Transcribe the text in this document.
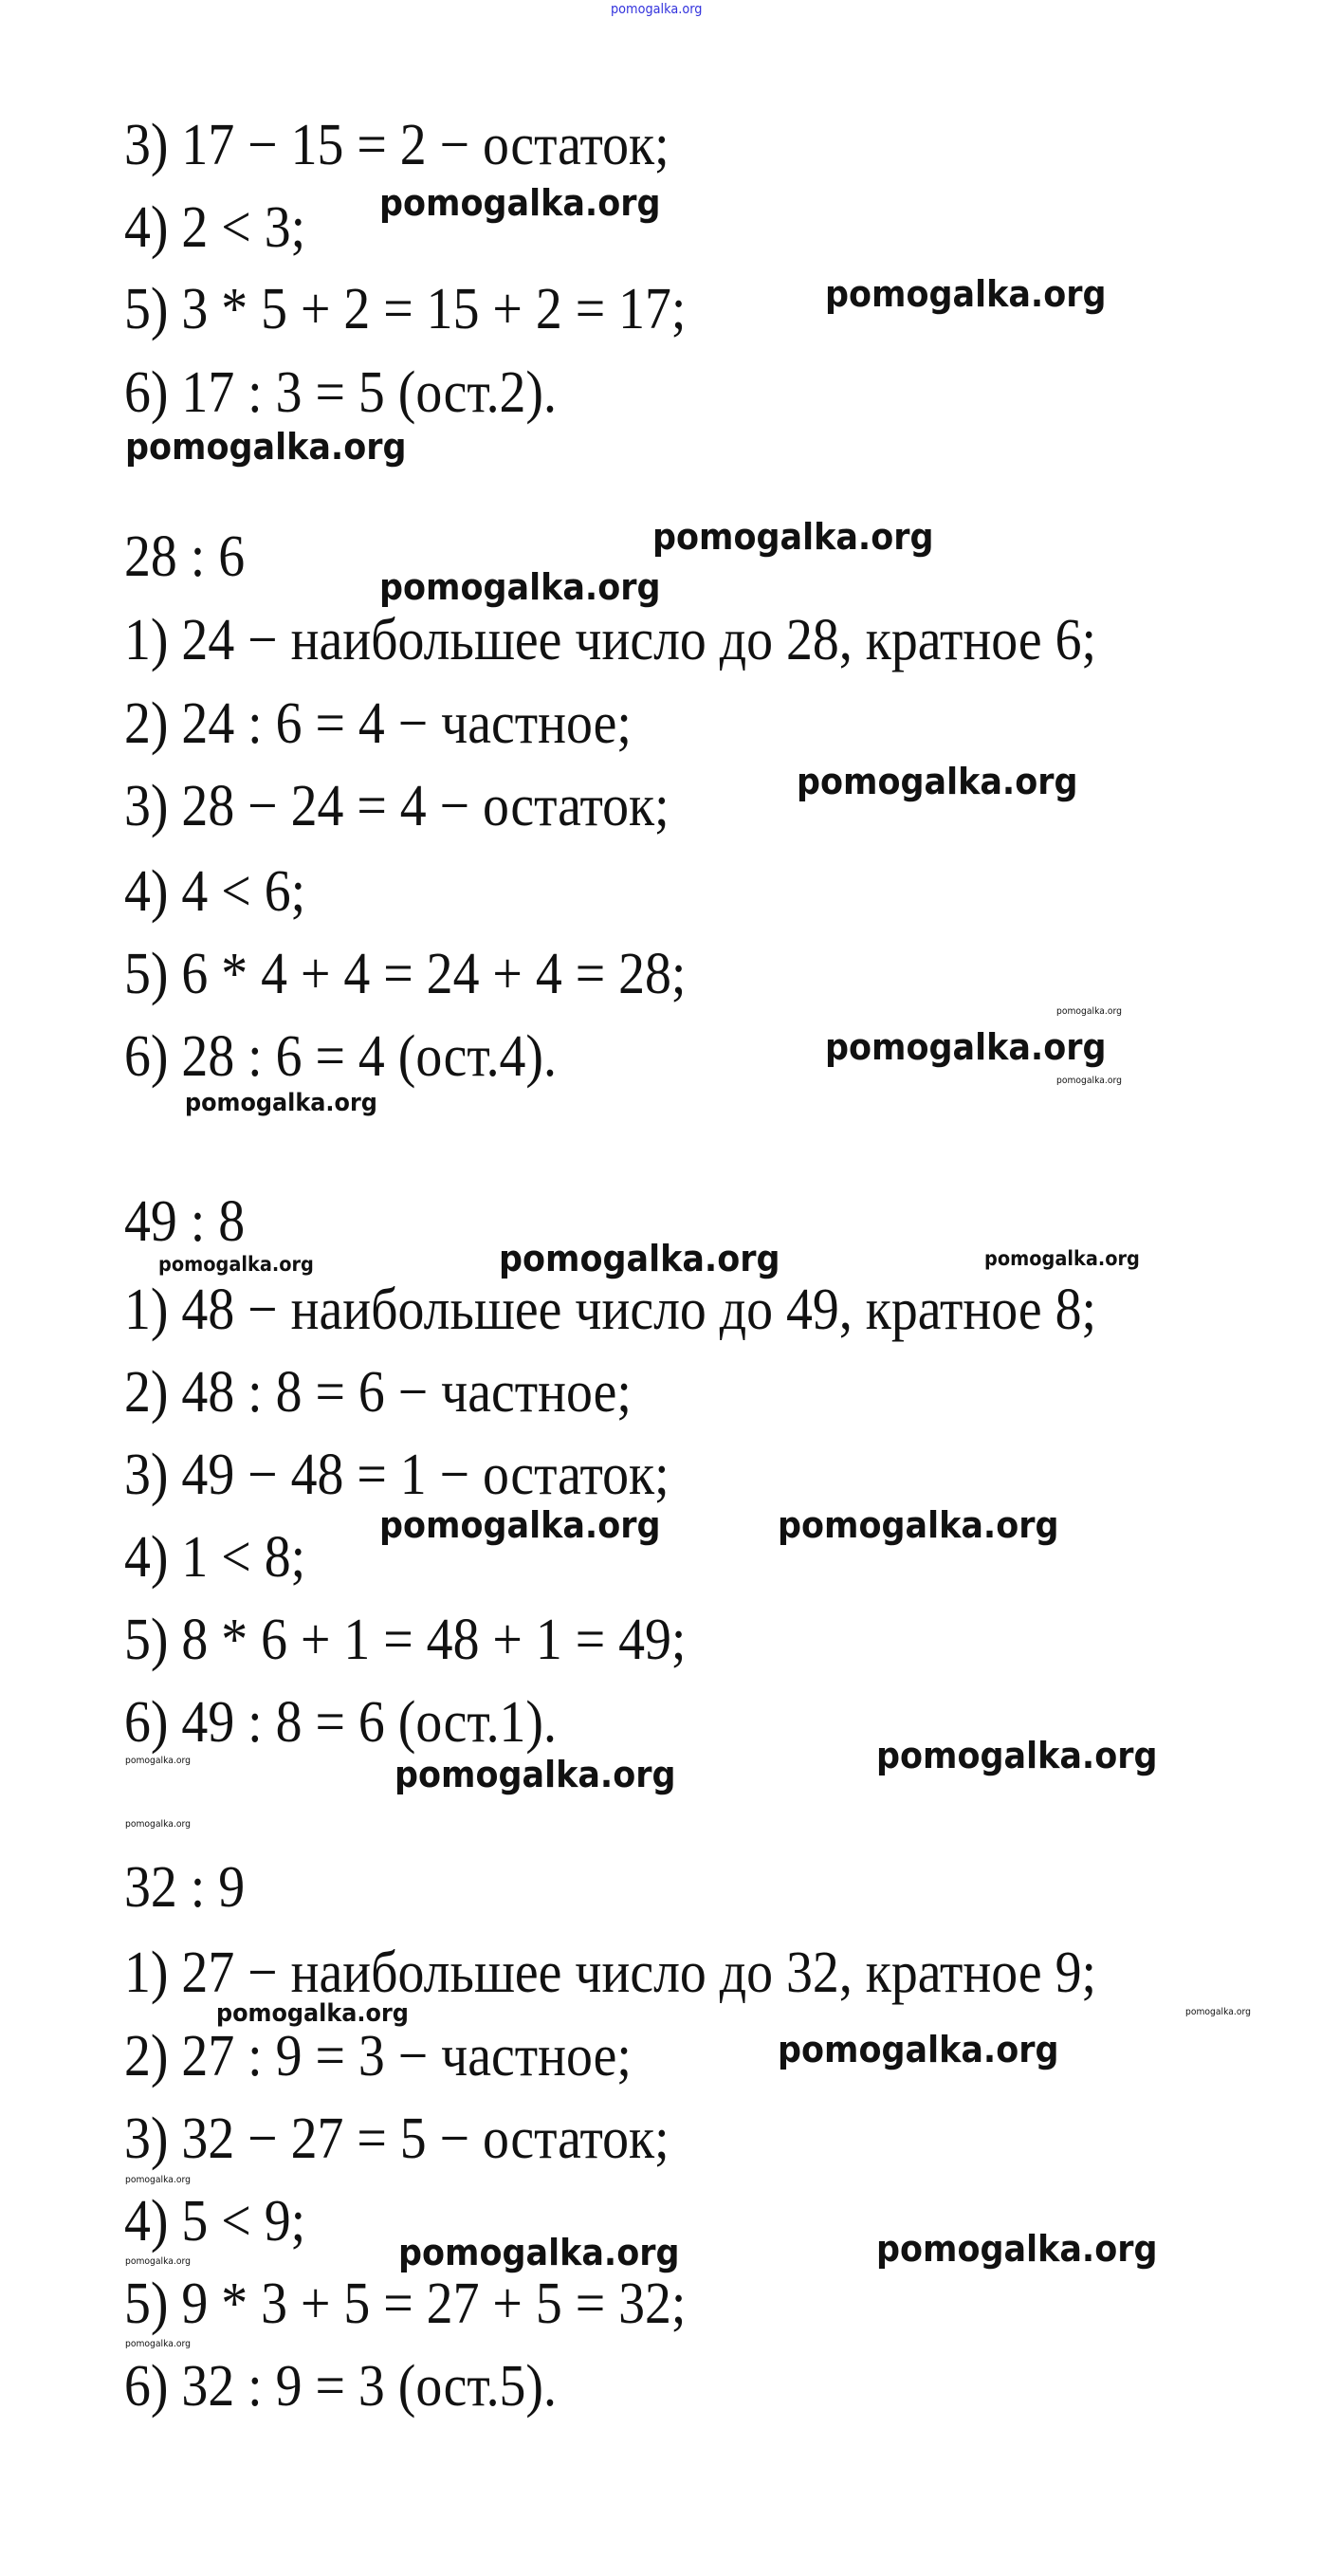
3) 17 − 15 = 2 − остаток;
4) 2 < 3;
5) 3 * 5 + 2 = 15 + 2 = 17;
6) 17 : 3 = 5 (ост.2).
28 : 6
1) 24 − наибольшее число до 28, кратное 6;
2) 24 : 6 = 4 − частное;
3) 28 − 24 = 4 − остаток;
4) 4 < 6;
5) 6 * 4 + 4 = 24 + 4 = 28;
6) 28 : 6 = 4 (ост.4).
49 : 8
1) 48 − наибольшее число до 49, кратное 8;
2) 48 : 8 = 6 − частное;
3) 49 − 48 = 1 − остаток;
4) 1 < 8;
5) 8 * 6 + 1 = 48 + 1 = 49;
6) 49 : 8 = 6 (ост.1).
32 : 9
1) 27 − наибольшее число до 32, кратное 9;
2) 27 : 9 = 3 − частное;
3) 32 − 27 = 5 − остаток;
4) 5 < 9;
5) 9 * 3 + 5 = 27 + 5 = 32;
6) 32 : 9 = 3 (ост.5).
pomogalka.org
pomogalka.org
pomogalka.org
pomogalka.org
pomogalka.org
pomogalka.org
pomogalka.org
pomogalka.org
pomogalka.org
pomogalka.org
pomogalka.org
pomogalka.org	pomogalka.org	pomogalka.org
pomogalka.org	pomogalka.org
pomogalka.org	pomogalka.org	pomogalka.org
pomogalka.org
pomogalka.org
pomogalka.org
pomogalka.org
pomogalka.org
pomogalka.org	pomogalka.org	pomogalka.org
pomogalka.org
